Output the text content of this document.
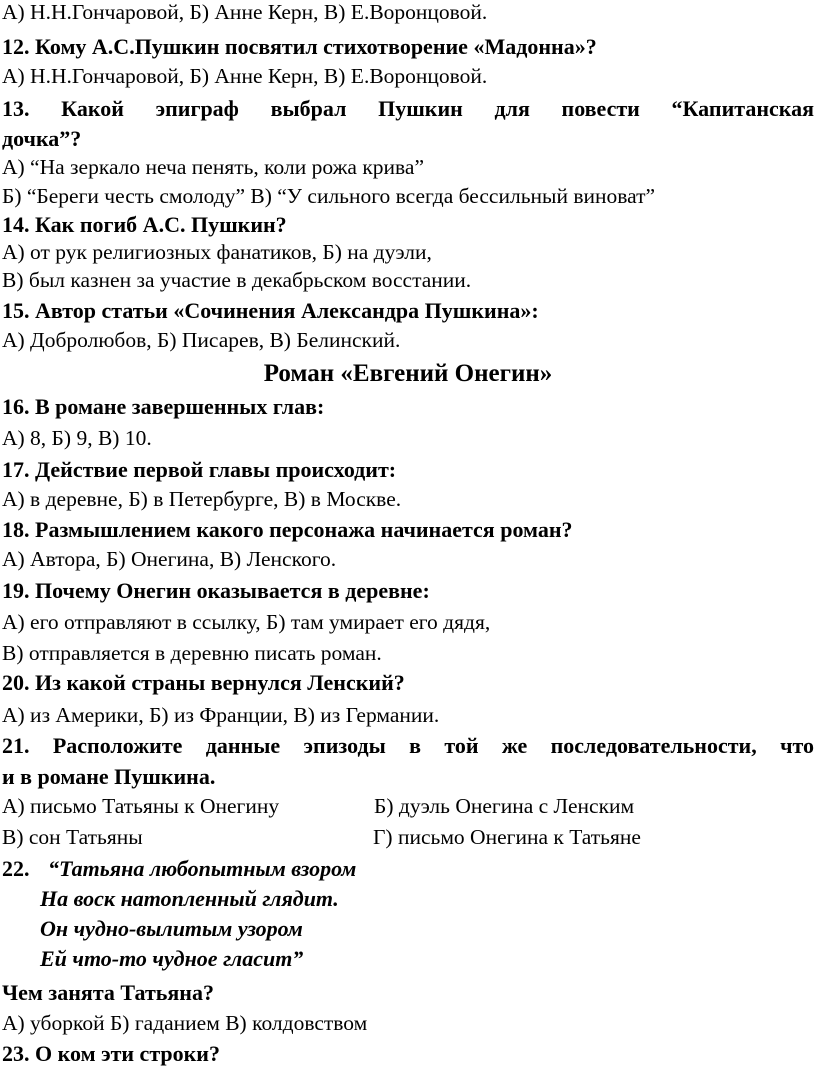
А) Н.Н.Гончаровой, Б) Анне Керн, В) Е.Воронцовой.
12. Кому А.С.Пушкин посвятил стихотворение «Мадонна»?
А) Н.Н.Гончаровой, Б) Анне Керн, В) Е.Воронцовой.
13. Какой эпиграф выбрал Пушкин для повести “Капитанская
дочка”?
А) “На зеркало неча пенять, коли рожа крива”
Б) “Береги честь смолоду” В) “У сильного всегда бессильный виноват”
14. Как погиб А.С. Пушкин?
А) от рук религиозных фанатиков, Б) на дуэли,
В) был казнен за участие в декабрьском восстании.
15. Автор статьи «Сочинения Александра Пушкина»:
А) Добролюбов, Б) Писарев, В) Белинский.
Роман «Евгений Онегин»
16. В романе завершенных глав:
А) 8, Б) 9, В) 10.
17. Действие первой главы происходит:
А) в деревне, Б) в Петербурге, В) в Москве.
18. Размышлением какого персонажа начинается роман?
А) Автора, Б) Онегина, В) Ленского.
19. Почему Онегин оказывается в деревне:
А) его отправляют в ссылку, Б) там умирает его дядя,
В) отправляется в деревню писать роман.
20. Из какой страны вернулся Ленский?
А) из Америки, Б) из Франции, В) из Германии.
21. Расположите данные эпизоды в той же последовательности, что
и в романе Пушкина.
А) письмо Татьяны к Онегину	Б) дуэль Онегина с Ленским
В) сон Татьяны	Г) письмо Онегина к Татьяне
22. “Татьяна любопытным взором
На воск натопленный глядит.
Он чудно-вылитым узором
Ей что-то чудное гласит”
Чем занята Татьяна?
А) уборкой Б) гаданием В) колдовством
23. О ком эти строки?
